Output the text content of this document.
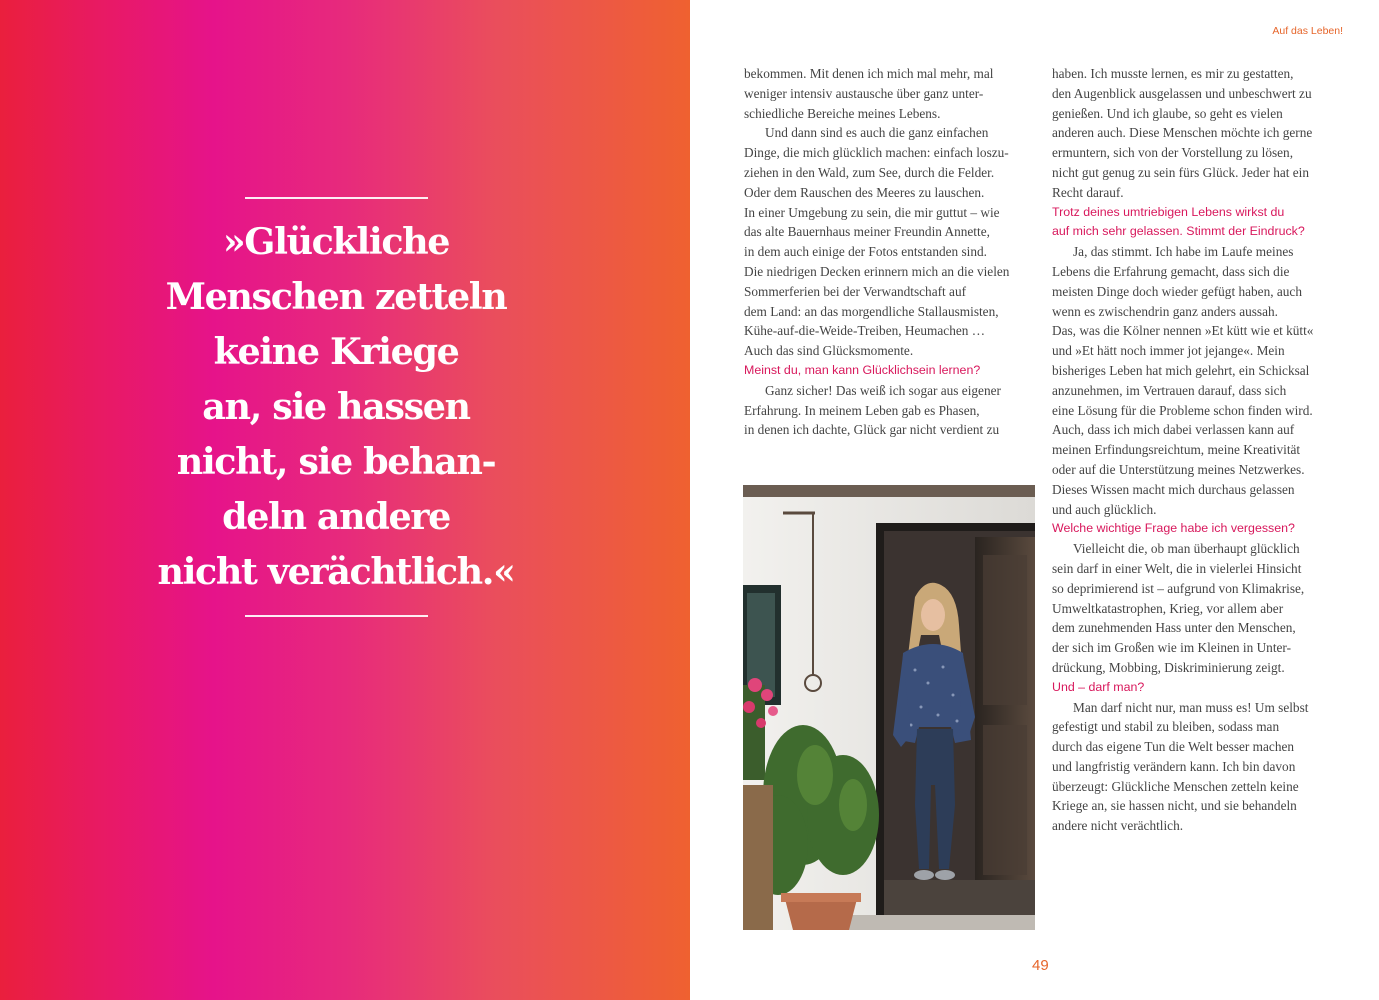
»Glückliche
Menschen zetteln
keine Kriege
an, sie hassen
nicht, sie behan-
deln andere
nicht verächtlich.«
Auf das Leben!
bekommen. Mit denen ich mich mal mehr, mal
weniger intensiv austausche über ganz unter-
schiedliche Bereiche meines Lebens.
Und dann sind es auch die ganz einfachen
Dinge, die mich glücklich machen: einfach loszu-
ziehen in den Wald, zum See, durch die Felder.
Oder dem Rauschen des Meeres zu lauschen.
In einer Umgebung zu sein, die mir guttut – wie
das alte Bauernhaus meiner Freundin Annette,
in dem auch einige der Fotos entstanden sind.
Die niedrigen Decken erinnern mich an die vielen
Sommerferien bei der Verwandtschaft auf
dem Land: an das morgendliche Stallausmisten,
Kühe-auf-die-Weide-Treiben, Heumachen …
Auch das sind Glücksmomente.
Meinst du, man kann Glücklichsein lernen?
Ganz sicher! Das weiß ich sogar aus eigener
Erfahrung. In meinem Leben gab es Phasen,
in denen ich dachte, Glück gar nicht verdient zu
haben. Ich musste lernen, es mir zu gestatten,
den Augenblick ausgelassen und unbeschwert zu
genießen. Und ich glaube, so geht es vielen
anderen auch. Diese Menschen möchte ich gerne
ermuntern, sich von der Vorstellung zu lösen,
nicht gut genug zu sein fürs Glück. Jeder hat ein
Recht darauf.
Trotz deines umtriebigen Lebens wirkst du
auf mich sehr gelassen. Stimmt der Eindruck?
Ja, das stimmt. Ich habe im Laufe meines
Lebens die Erfahrung gemacht, dass sich die
meisten Dinge doch wieder gefügt haben, auch
wenn es zwischendrin ganz anders aussah.
Das, was die Kölner nennen »Et kütt wie et kütt«
und »Et hätt noch immer jot jejange«. Mein
bisheriges Leben hat mich gelehrt, ein Schicksal
anzunehmen, im Vertrauen darauf, dass sich
eine Lösung für die Probleme schon finden wird.
Auch, dass ich mich dabei verlassen kann auf
meinen Erfindungsreichtum, meine Kreativität
oder auf die Unterstützung meines Netzwerkes.
Dieses Wissen macht mich durchaus gelassen
und auch glücklich.
Welche wichtige Frage habe ich vergessen?
Vielleicht die, ob man überhaupt glücklich
sein darf in einer Welt, die in vielerlei Hinsicht
so deprimierend ist – aufgrund von Klimakrise,
Umweltkatastrophen, Krieg, vor allem aber
dem zunehmenden Hass unter den Menschen,
der sich im Großen wie im Kleinen in Unter-
drückung, Mobbing, Diskriminierung zeigt.
Und – darf man?
Man darf nicht nur, man muss es! Um selbst
gefestigt und stabil zu bleiben, sodass man
durch das eigene Tun die Welt besser machen
und langfristig verändern kann. Ich bin davon
überzeugt: Glückliche Menschen zetteln keine
Kriege an, sie hassen nicht, und sie behandeln
andere nicht verächtlich.
49
